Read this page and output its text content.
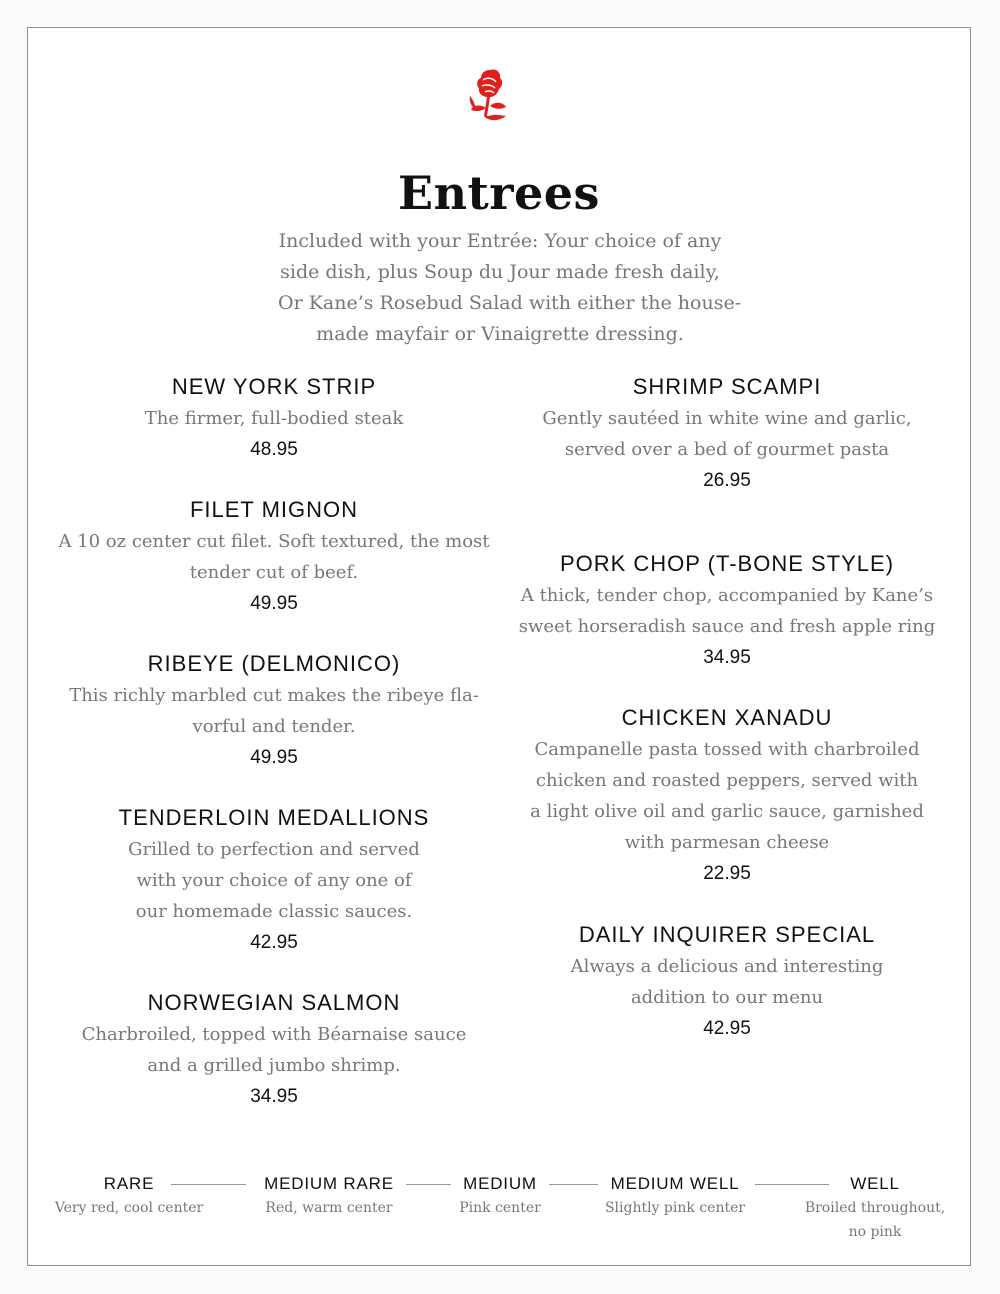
Entrees
Included with your Entrée: Your choice of any
side dish, plus Soup du Jour made fresh daily,
Or Kane’s Rosebud Salad with either the house-
made mayfair or Vinaigrette dressing.
NEW YORK STRIP
The firmer, full-bodied steak
48.95
FILET MIGNON
A 10 oz center cut filet. Soft textured, the most
tender cut of beef.
49.95
RIBEYE (DELMONICO)
This richly marbled cut makes the ribeye fla-
vorful and tender.
49.95
TENDERLOIN MEDALLIONS
Grilled to perfection and served
with your choice of any one of
our homemade classic sauces.
42.95
NORWEGIAN SALMON
Charbroiled, topped with Béarnaise sauce
and a grilled jumbo shrimp.
34.95
SHRIMP SCAMPI
Gently sautéed in white wine and garlic,
served over a bed of gourmet pasta
26.95
PORK CHOP (T-BONE STYLE)
A thick, tender chop, accompanied by Kane’s
sweet horseradish sauce and fresh apple ring
34.95
CHICKEN XANADU
Campanelle pasta tossed with charbroiled
chicken and roasted peppers, served with
a light olive oil and garlic sauce, garnished
with parmesan cheese
22.95
DAILY INQUIRER SPECIAL
Always a delicious and interesting
addition to our menu
42.95
RARE
Very red, cool center
MEDIUM RARE
Red, warm center
MEDIUM
Pink center
MEDIUM WELL
Slightly pink center
WELL
Broiled throughout,
no pink
